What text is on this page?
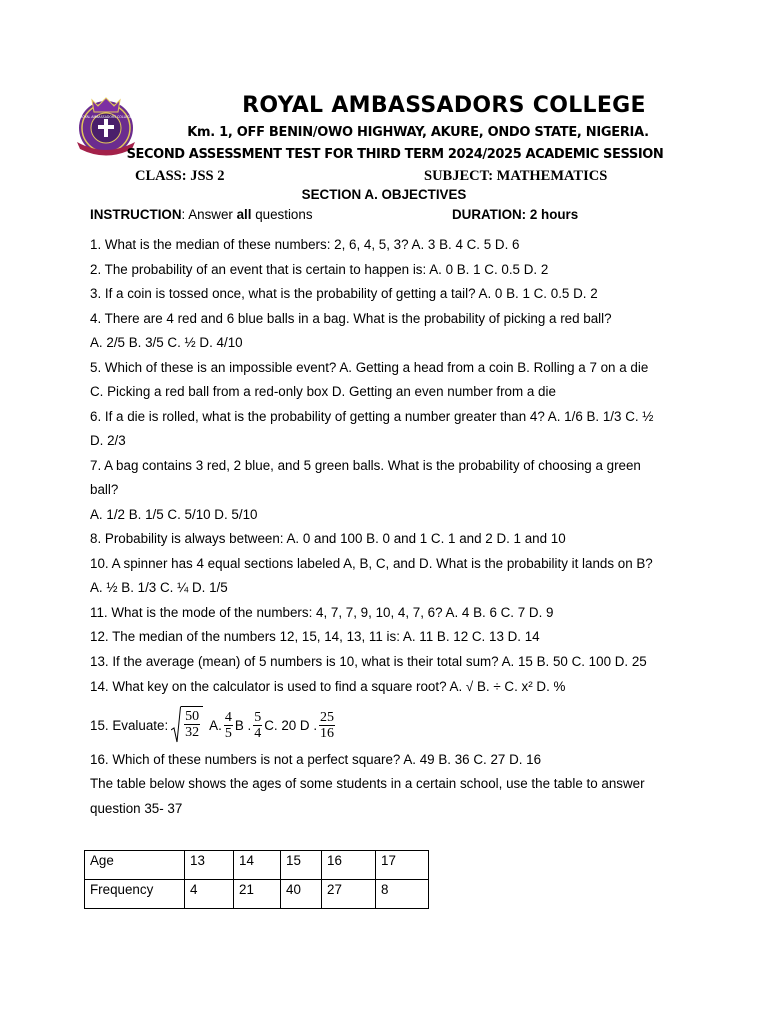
ROYAL AMBASSADORS COLLEGE	ROYAL AMBASSADORS COLLEGE
Km. 1, OFF BENIN/OWO HIGHWAY, AKURE, ONDO STATE, NIGERIA.
SECOND ASSESSMENT TEST FOR THIRD TERM 2024/2025 ACADEMIC SESSION
CLASS: JSS 2	SUBJECT: MATHEMATICS
SECTION A. OBJECTIVES
INSTRUCTION: Answer all questions	DURATION: 2 hours
1. What is the median of these numbers: 2, 6, 4, 5, 3? A. 3 B. 4 C. 5 D. 6
2. The probability of an event that is certain to happen is: A. 0 B. 1 C. 0.5 D. 2
3. If a coin is tossed once, what is the probability of getting a tail? A. 0 B. 1 C. 0.5 D. 2
4. There are 4 red and 6 blue balls in a bag. What is the probability of picking a red ball?
A. 2/5 B. 3/5 C. ½ D. 4/10
5. Which of these is an impossible event? A. Getting a head from a coin B. Rolling a 7 on a die
C. Picking a red ball from a red-only box D. Getting an even number from a die
6. If a die is rolled, what is the probability of getting a number greater than 4? A. 1/6 B. 1/3 C. ½
D. 2/3
7. A bag contains 3 red, 2 blue, and 5 green balls. What is the probability of choosing a green
ball?
A. 1/2 B. 1/5 C. 5/10 D. 5/10
8. Probability is always between: A. 0 and 100 B. 0 and 1 C. 1 and 2 D. 1 and 10
10. A spinner has 4 equal sections labeled A, B, C, and D. What is the probability it lands on B?
A. ½ B. 1/3 C. ¼ D. 1/5
11. What is the mode of the numbers: 4, 7, 7, 9, 10, 4, 7, 6? A. 4 B. 6 C. 7 D. 9
12. The median of the numbers 12, 15, 14, 13, 11 is: A. 11 B. 12 C. 13 D. 14
13. If the average (mean) of 5 numbers is 10, what is their total sum? A. 15 B. 50 C. 100 D. 25
14. What key on the calculator is used to find a square root? A. √ B. ÷ C. x² D. %
15. Evaluate: $\frac{50}{32} A$. $\frac{4}{5}$ B . $\frac{5}{4} C$. 20 D . $\frac{25}{16}$
16. Which of these numbers is not a perfect square? A. 49 B. 36 C. 27 D. 16
The table below shows the ages of some students in a certain school, use the table to answer
question 35- 37
Age	13	14	15	16	17
Frequency	4	21	40	27	8
